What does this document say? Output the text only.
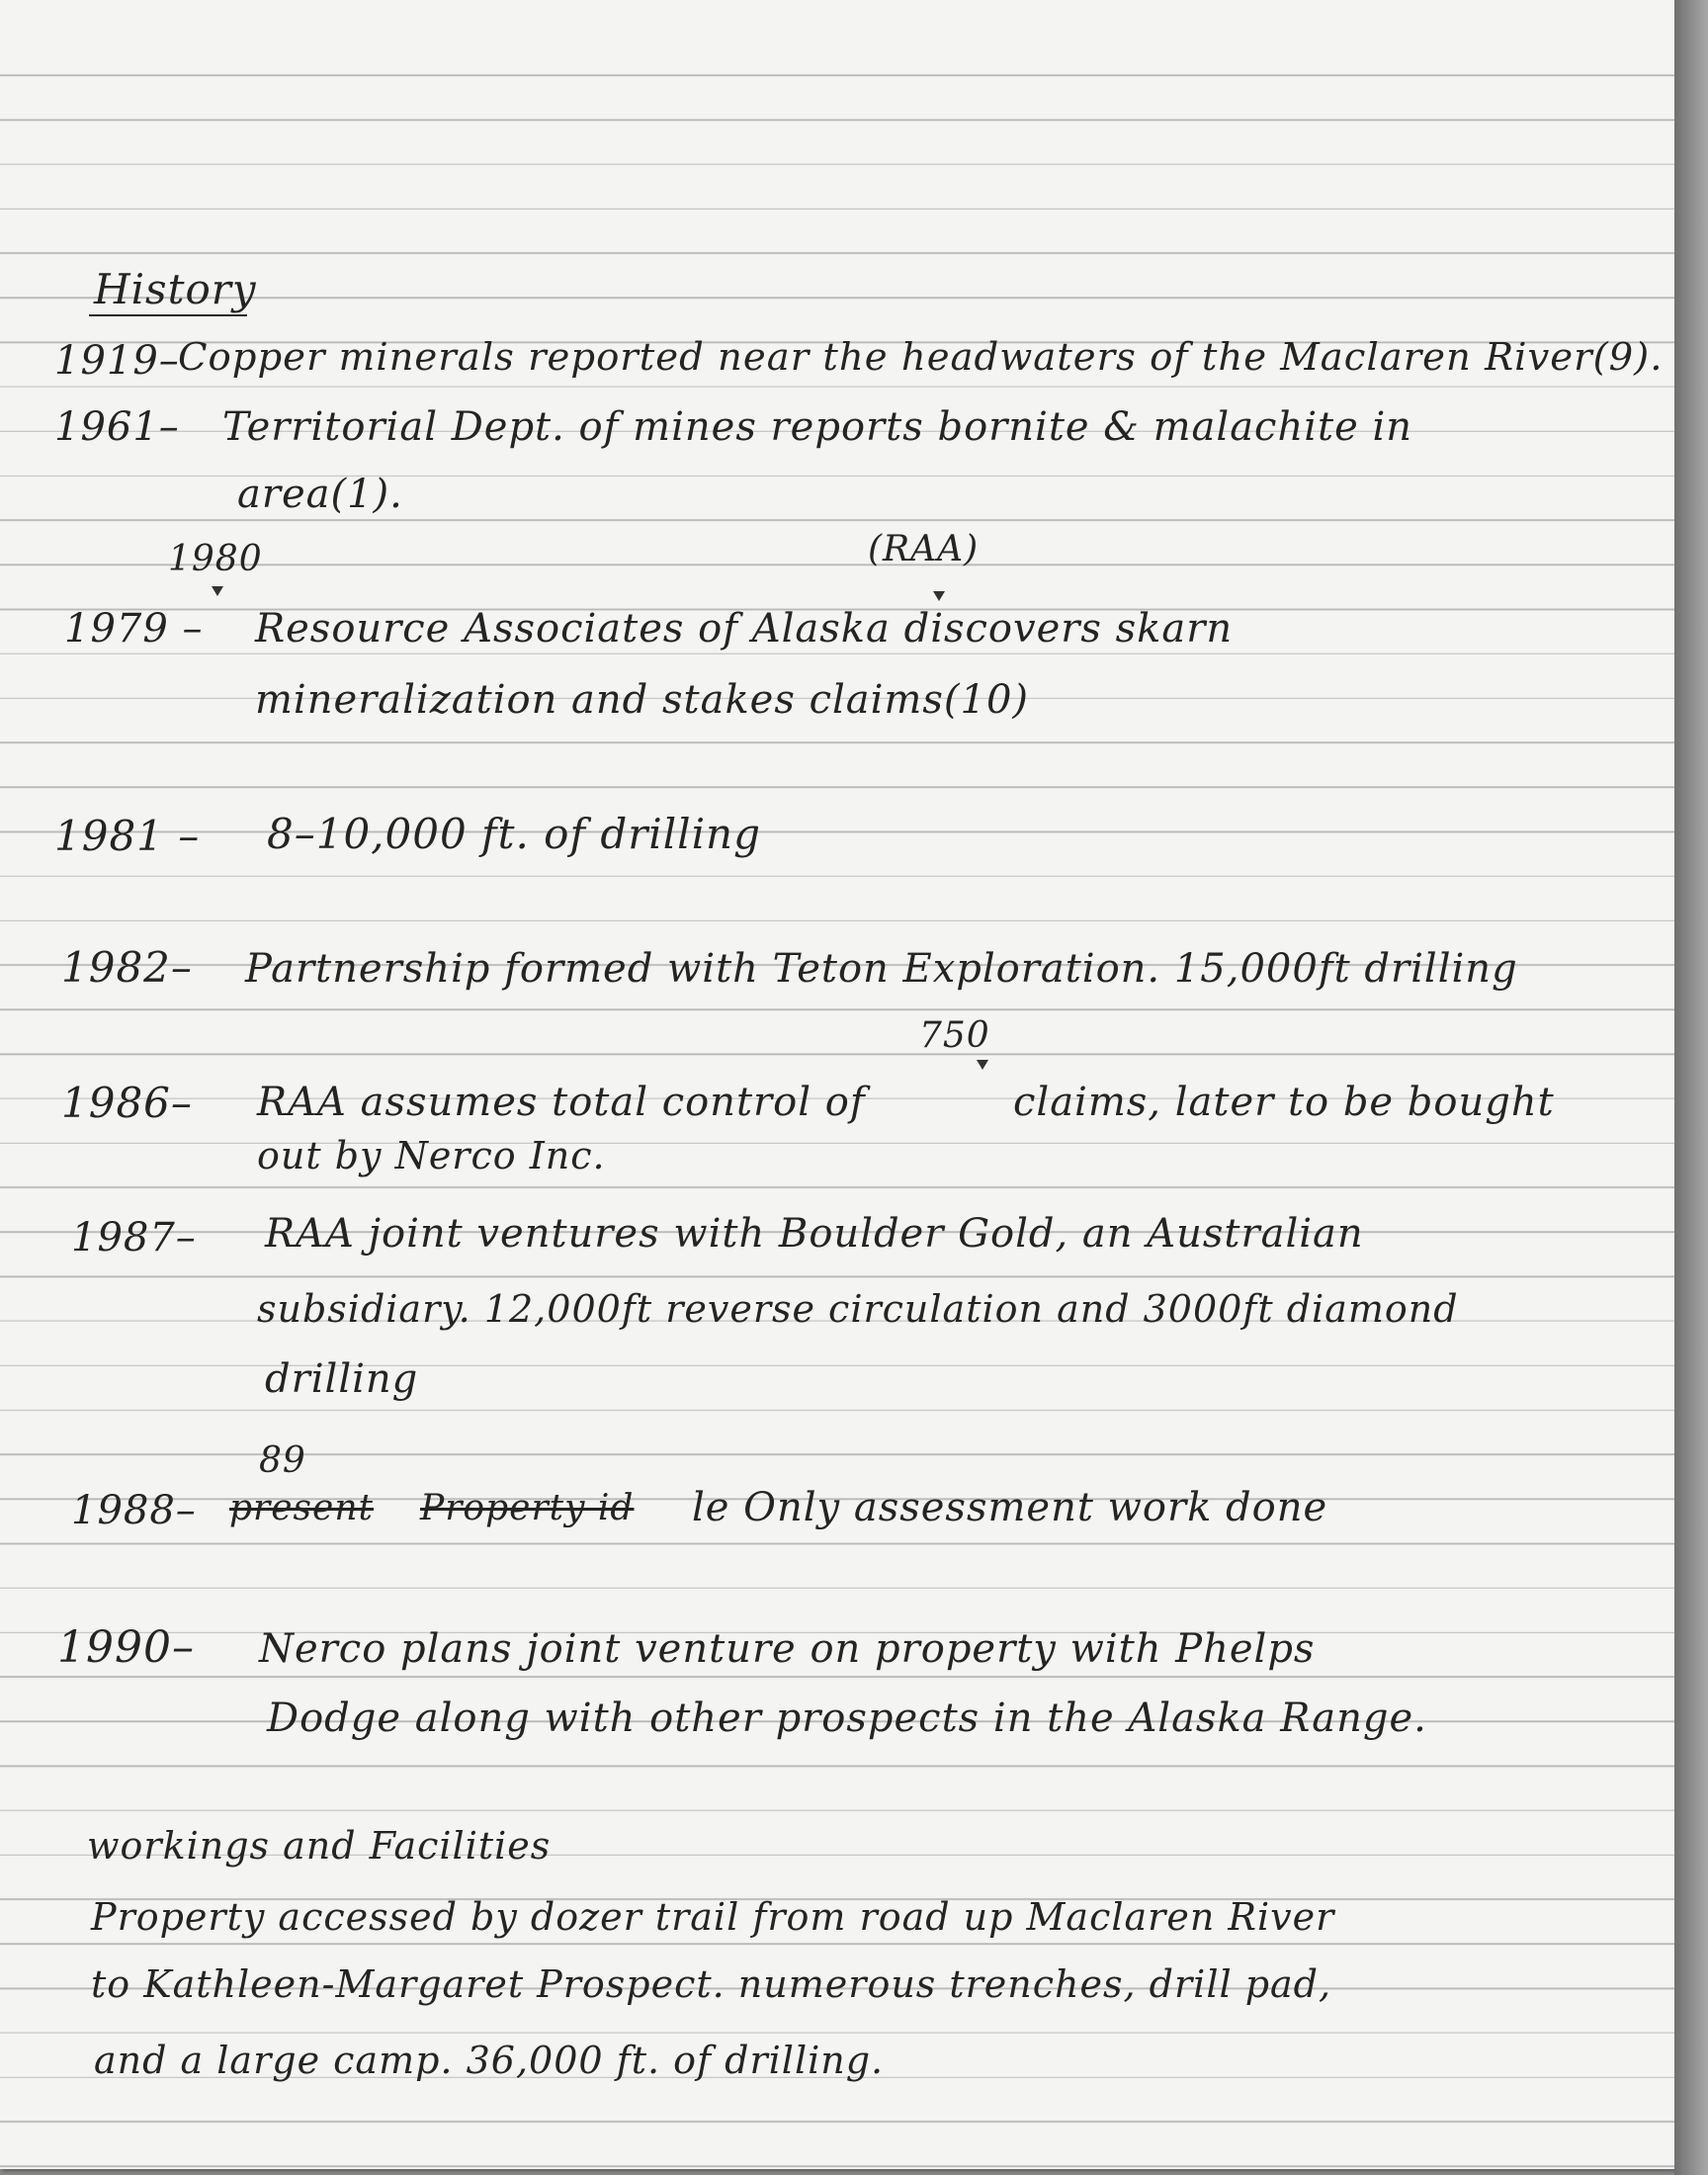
History
1919–
Copper minerals reported near the headwaters of the Maclaren River(9).
1961– Territorial Dept. of mines reports bornite & malachite in
area(1).
1980	(RAA)
1979 – Resource Associates of Alaska discovers skarn
mineralization and stakes claims(10)
1981 – 8–10,000 ft. of drilling
1982– Partnership formed with Teton Exploration. 15,000ft drilling
750
1986– RAA assumes total control of	claims, later to be bought
out by Nerco Inc.
1987– RAA joint ventures with Boulder Gold, an Australian
subsidiary. 12,000ft reverse circulation and 3000ft diamond
drilling
89
1988– present Property id le Only assessment work done
1990– Nerco plans joint venture on property with Phelps
Dodge along with other prospects in the Alaska Range.
workings and Facilities
Property accessed by dozer trail from road up Maclaren River
to Kathleen-Margaret Prospect. numerous trenches, drill pad,
and a large camp. 36,000 ft. of drilling.
